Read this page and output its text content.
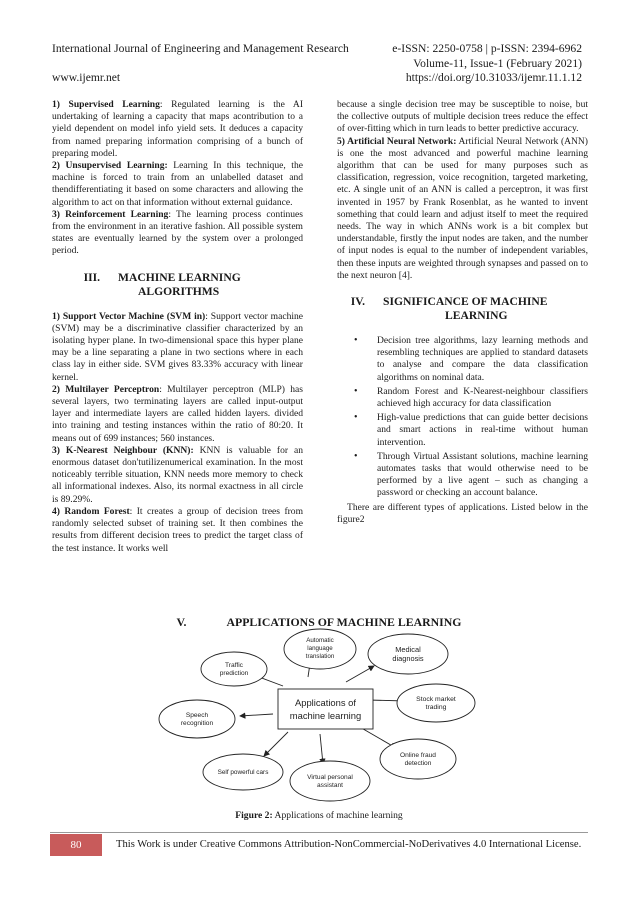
International Journal of Engineering and Management Research	e-ISSN: 2250-0758 | p-ISSN: 2394-6962
Volume-11, Issue-1 (February 2021)
www.ijemr.net	https://doi.org/10.31033/ijemr.11.1.12

1) Supervised Learning: Regulated learning is the AI undertaking of learning a capacity that maps acontribution to a yield dependent on model info yield sets. It deduces a capacity from named preparing information comprising of a bunch of preparing model.

2) Unsupervised Learning: Learning In this technique, the machine is forced to train from an unlabelled dataset and thendifferentiating it based on some characters and allowing the algorithm to act on that information without external guidance.

3) Reinforcement Learning: The learning process continues from the environment in an iterative fashion. All possible system states are eventually learned by the system over a prolonged period.

III. MACHINE LEARNING
ALGORITHMS

1) Support Vector Machine (SVM in): Support vector machine (SVM) may be a discriminative classifier characterized by an isolating hyper plane. In two-dimensional space this hyper plane may be a line separating a plane in two sections where in each class lay in either side. SVM gives 83.33% accuracy with linear kernel.

2) Multilayer Perceptron: Multilayer perceptron (MLP) has several layers, two terminating layers are called input-output layer and intermediate layers are called hidden layers. divided into training and testing instances within the ratio of 80:20. It means out of 699 instances; 560 instances.

3) K-Nearest Neighbour (KNN): KNN is valuable for an enormous dataset don'tutilizenumerical examination. In the most noticeably terrible situation, KNN needs more memory to check all informational indexes. Also, its normal exactness in all circle is 89.29%.

4) Random Forest: It creates a group of decision trees from randomly selected subset of training set. It then combines the results from different decision trees to predict the target class of the test instance. It works well

because a single decision tree may be susceptible to noise, but the collective outputs of multiple decision trees reduce the effect of over-fitting which in turn leads to better predictive accuracy.

5) Artificial Neural Network: Artificial Neural Network (ANN) is one the most advanced and powerful machine learning algorithm that can be used for many purposes such as classification, regression, voice recognition, targeted marketing, etc. A single unit of an ANN is called a perceptron, it was first invented in 1957 by Frank Rosenblat, as he wanted to invent something that could learn and adjust itself to meet the required needs. The way in which ANNs work is a bit complex but understandable, firstly the input nodes are taken, and the number of input nodes is equal to the number of independent variables, then these inputs are weighted through synapses and passed on to the next neuron [4].

IV. SIGNIFICANCE OF MACHINE
LEARNING
• Decision tree algorithms, lazy learning methods and resembling techniques are applied to standard datasets to analyse and compare the data classification algorithms on nominal data.
• Random Forest and K-Nearest-neighbour classifiers achieved high accuracy for data classification
• High-value predictions that can guide better decisions and smart actions in real-time without human intervention.
• Through Virtual Assistant solutions, machine learning automates tasks that would otherwise need to be performed by a live agent – such as changing a password or checking an account balance.

There are different types of applications. Listed below in the figure2

V.	APPLICATIONS OF MACHINE LEARNING
Automatic
language
translation
Traffic
prediction
Medical
diagnosis
Speech
recognition
Stock market
trading
Online fraud
detection
Self powerful cars
Virtual personal
assistant
Applications of
machine learning
Figure 2: Applications of machine learning
80	This Work is under Creative Commons Attribution-NonCommercial-NoDerivatives 4.0 International License.
